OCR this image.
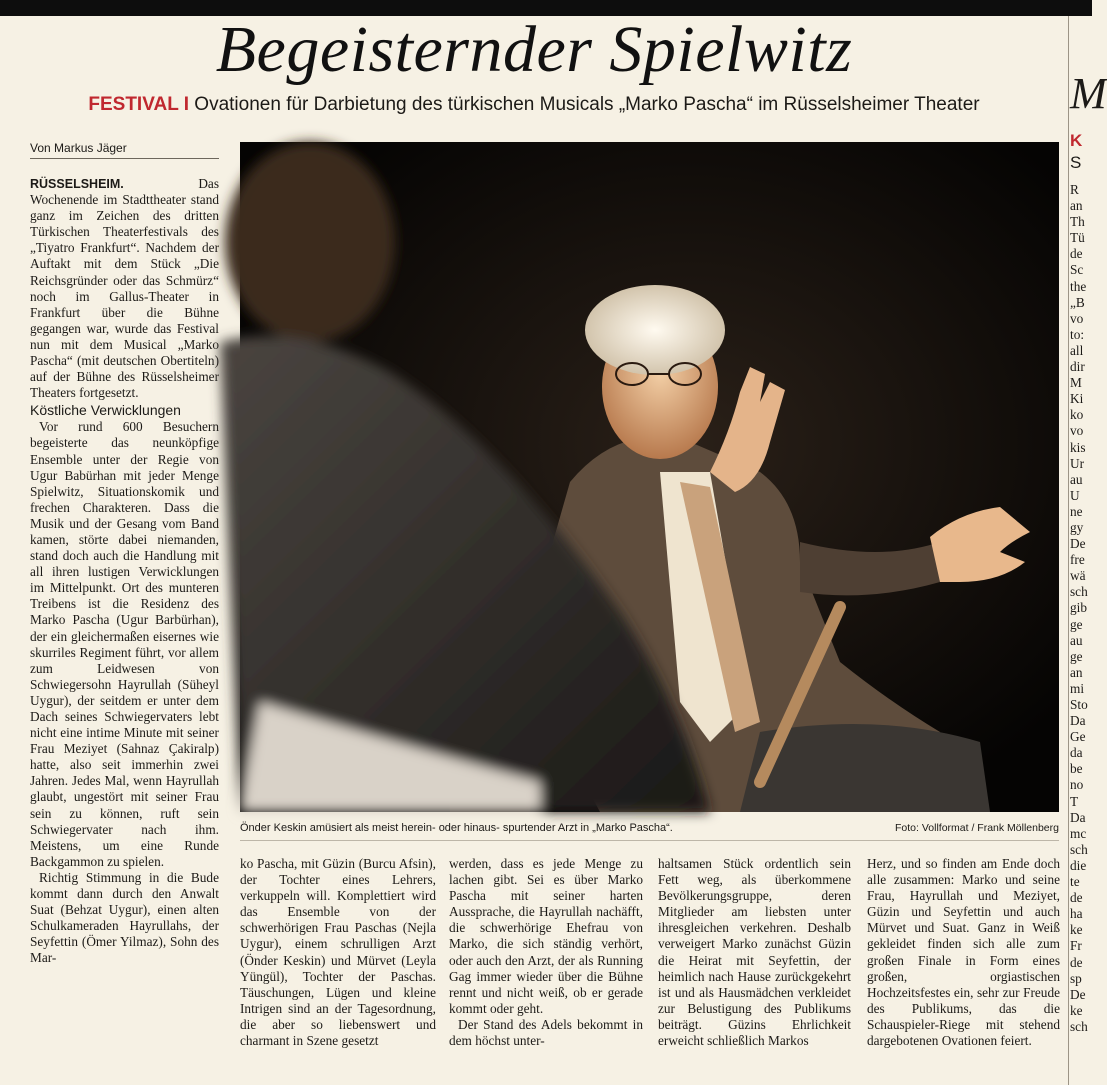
Begeisternder Spielwitz
FESTIVAL I Ovationen für Darbietung des türkischen Musicals „Marko Pascha“ im Rüsselsheimer Theater
Von Markus Jäger

RÜSSELSHEIM.	Das Wochenende im Stadttheater stand ganz im Zeichen des dritten Türkischen Theaterfestivals des „Tiyatro Frankfurt“. Nachdem der Auftakt mit dem Stück „Die Reichsgründer oder das Schmürz“ noch im Gallus-Theater in Frankfurt über die Bühne gegangen war, wurde das Festival nun mit dem Musical „Marko Pascha“ (mit deutschen Obertiteln) auf der Bühne des Rüsselsheimer Theaters fortgesetzt.

Köstliche Verwicklungen

Vor rund 600 Besuchern begeisterte das neunköpfige Ensemble unter der Regie von Ugur Babürhan mit jeder Menge Spielwitz, Situationskomik und frechen Charakteren. Dass die Musik und der Gesang vom Band kamen, störte dabei niemanden, stand doch auch die Handlung mit all ihren lustigen Verwicklungen im Mittelpunkt. Ort des munteren Treibens ist die Residenz des Marko Pascha (Ugur Barbürhan), der ein gleichermaßen eisernes wie skurriles Regiment führt, vor allem zum Leidwesen von Schwiegersohn Hayrullah (Süheyl Uygur), der seitdem er unter dem Dach seines Schwiegervaters lebt nicht eine intime Minute mit seiner Frau Meziyet (Sahnaz Çakiralp) hatte, also seit immerhin zwei Jahren. Jedes Mal, wenn Hayrullah glaubt, ungestört mit seiner Frau sein zu können, ruft sein Schwiegervater nach ihm. Meistens, um eine Runde Backgammon zu spielen.

Richtig Stimmung in die Bude kommt dann durch den Anwalt Suat (Behzat Uygur), einen alten Schulkameraden Hayrullahs, der Seyfettin (Ömer Yilmaz), Sohn des Mar-

Önder Keskin amüsiert als meist herein- oder hinaus- spurtender Arzt in „Marko Pascha“.	Foto: Vollformat / Frank Möllenberg

ko Pascha, mit Güzin (Burcu Afsin), der Tochter eines Lehrers, verkuppeln will. Komplettiert wird das Ensemble von der schwerhörigen Frau Paschas (Nejla Uygur), einem schrulligen Arzt (Önder Keskin) und Mürvet (Leyla Yüngül), Tochter der Paschas. Täuschungen, Lügen und kleine Intrigen sind an der Tagesordnung, die aber so liebenswert und charmant in Szene gesetzt

werden, dass es jede Menge zu lachen gibt. Sei es über Marko Pascha mit seiner harten Aussprache, die Hayrullah nachäfft, die schwerhörige Ehefrau von Marko, die sich ständig verhört, oder auch den Arzt, der als Running Gag immer wieder über die Bühne rennt und nicht weiß, ob er gerade kommt oder geht.

Der Stand des Adels bekommt in dem höchst unter-

haltsamen Stück ordentlich sein Fett weg, als überkommene Bevölkerungsgruppe, deren Mitglieder am liebsten unter ihresgleichen verkehren. Deshalb verweigert Marko zunächst Güzin die Heirat mit Seyfettin, der heimlich nach Hause zurückgekehrt ist und als Hausmädchen verkleidet zur Belustigung des Publikums beiträgt. Güzins Ehrlichkeit erweicht schließlich Markos

Herz, und so finden am Ende doch alle zusammen: Marko und seine Frau, Hayrullah und Meziyet, Güzin und Seyfettin und auch Mürvet und Suat. Ganz in Weiß gekleidet finden sich alle zum großen Finale in Form eines großen, orgiastischen Hochzeitsfestes ein, sehr zur Freude des Publikums, das die Schauspieler-Riege mit stehend dargebotenen Ovationen feiert.

M
K
S
R
an
Th
Tü
de
Sc
the
„B
vo
to:
all
dir
M
Ki
ko
vo
kis
Ur
au
U
ne
gy
De
fre
wä
sch
gib
ge
au
ge
an
mi
Sto
Da
Ge
da
be
no
T
Da
mc
sch
die
te
de
ha
ke
Fr
de
sp
De
ke
sch
